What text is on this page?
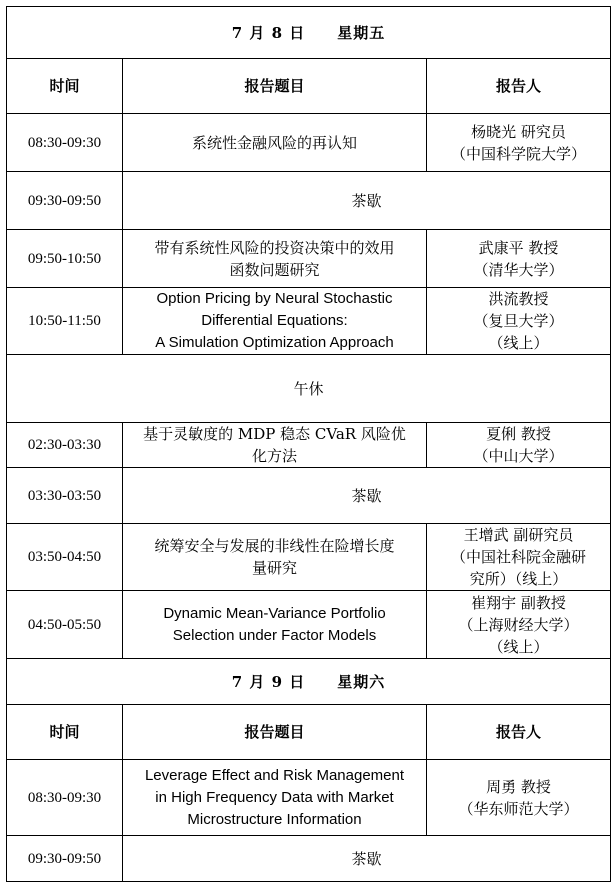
7 月 8 日　　星期五		
时间	报告题目	报告人
08:30-09:30	系统性金融风险的再认知	杨晓光 研究员
（中国科学院大学）

09:30-09:50	茶歇	
09:50-10:50	带有系统性风险的投资决策中的效用
函数问题研究	武康平 教授
（清华大学）

10:50-11:50	Option Pricing by Neural Stochastic
Differential Equations:
A Simulation Optimization Approach	洪流教授
（复旦大学）
（线上）

午休		
02:30-03:30	基于灵敏度的 MDP 稳态 CVaR 风险优
化方法	夏俐 教授
（中山大学）

03:30-03:50	茶歇	
03:50-04:50	统筹安全与发展的非线性在险增长度
量研究	王增武 副研究员
（中国社科院金融研
究所）（线上）

04:50-05:50	Dynamic Mean-Variance Portfolio
Selection under Factor Models	崔翔宇 副教授
（上海财经大学）
（线上）

7 月 9 日　　星期六		
时间	报告题目	报告人
08:30-09:30	Leverage Effect and Risk Management
in High Frequency Data with Market
Microstructure Information	周勇 教授
（华东师范大学）

09:30-09:50	茶歇	
